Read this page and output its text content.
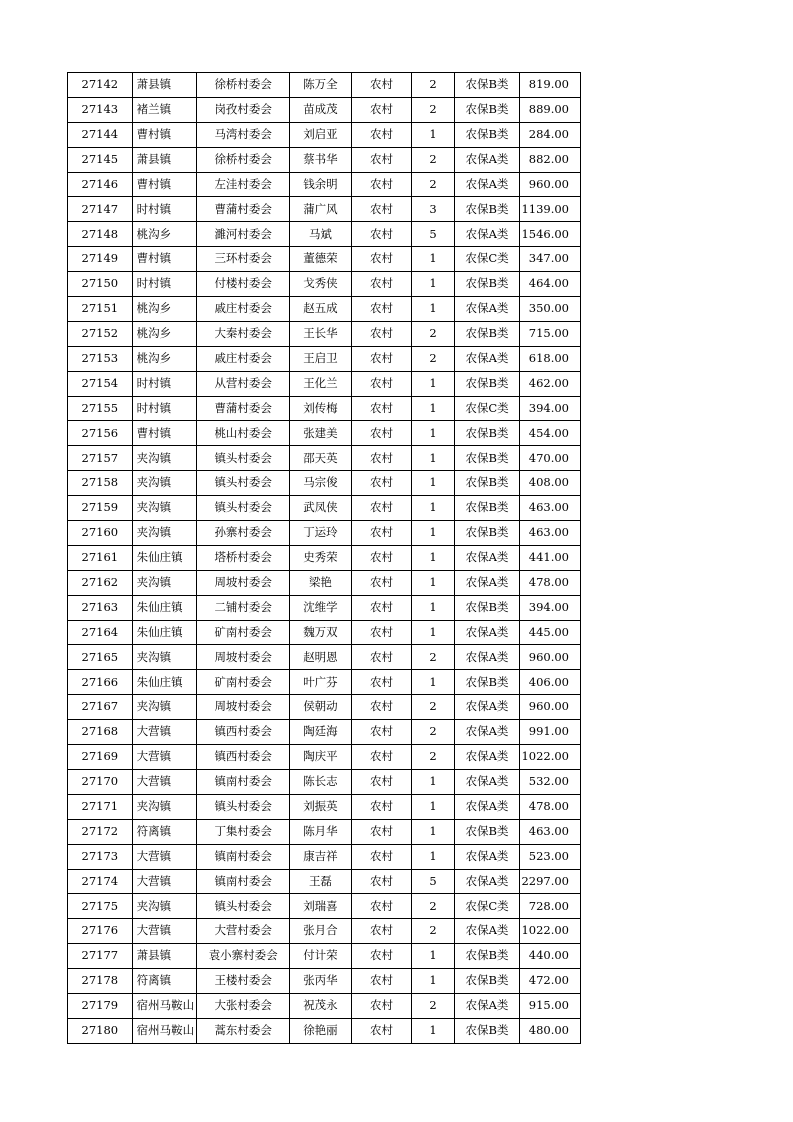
27142	萧县镇	徐桥村委会	陈万全	农村	2	农保B类	819.00
27143	褚兰镇	岗孜村委会	苗成茂	农村	2	农保B类	889.00
27144	曹村镇	马湾村委会	刘启亚	农村	1	农保B类	284.00
27145	萧县镇	徐桥村委会	蔡书华	农村	2	农保A类	882.00
27146	曹村镇	左洼村委会	钱余明	农村	2	农保A类	960.00
27147	时村镇	曹蒲村委会	蒲广风	农村	3	农保B类	1139.00
27148	桃沟乡	濉河村委会	马斌	农村	5	农保A类	1546.00
27149	曹村镇	三环村委会	董德荣	农村	1	农保C类	347.00
27150	时村镇	付楼村委会	戈秀侠	农村	1	农保B类	464.00
27151	桃沟乡	戚庄村委会	赵五成	农村	1	农保A类	350.00
27152	桃沟乡	大秦村委会	王长华	农村	2	农保B类	715.00
27153	桃沟乡	戚庄村委会	王启卫	农村	2	农保A类	618.00
27154	时村镇	从营村委会	王化兰	农村	1	农保B类	462.00
27155	时村镇	曹蒲村委会	刘传梅	农村	1	农保C类	394.00
27156	曹村镇	桃山村委会	张建美	农村	1	农保B类	454.00
27157	夹沟镇	镇头村委会	邵天英	农村	1	农保B类	470.00
27158	夹沟镇	镇头村委会	马宗俊	农村	1	农保B类	408.00
27159	夹沟镇	镇头村委会	武凤侠	农村	1	农保B类	463.00
27160	夹沟镇	孙寨村委会	丁运玲	农村	1	农保B类	463.00
27161	朱仙庄镇	塔桥村委会	史秀荣	农村	1	农保A类	441.00
27162	夹沟镇	周坡村委会	梁艳	农村	1	农保A类	478.00
27163	朱仙庄镇	二铺村委会	沈维学	农村	1	农保B类	394.00
27164	朱仙庄镇	矿南村委会	魏万双	农村	1	农保A类	445.00
27165	夹沟镇	周坡村委会	赵明恩	农村	2	农保A类	960.00
27166	朱仙庄镇	矿南村委会	叶广芬	农村	1	农保B类	406.00
27167	夹沟镇	周坡村委会	侯朝动	农村	2	农保A类	960.00
27168	大营镇	镇西村委会	陶廷海	农村	2	农保A类	991.00
27169	大营镇	镇西村委会	陶庆平	农村	2	农保A类	1022.00
27170	大营镇	镇南村委会	陈长志	农村	1	农保A类	532.00
27171	夹沟镇	镇头村委会	刘振英	农村	1	农保A类	478.00
27172	符离镇	丁集村委会	陈月华	农村	1	农保B类	463.00
27173	大营镇	镇南村委会	康吉祥	农村	1	农保A类	523.00
27174	大营镇	镇南村委会	王磊	农村	5	农保A类	2297.00
27175	夹沟镇	镇头村委会	刘瑞喜	农村	2	农保C类	728.00
27176	大营镇	大营村委会	张月合	农村	2	农保A类	1022.00
27177	萧县镇	袁小寨村委会	付计荣	农村	1	农保B类	440.00
27178	符离镇	王楼村委会	张丙华	农村	1	农保B类	472.00
27179	宿州马鞍山	大张村委会	祝茂永	农村	2	农保A类	915.00
27180	宿州马鞍山	蒿东村委会	徐艳丽	农村	1	农保B类	480.00
